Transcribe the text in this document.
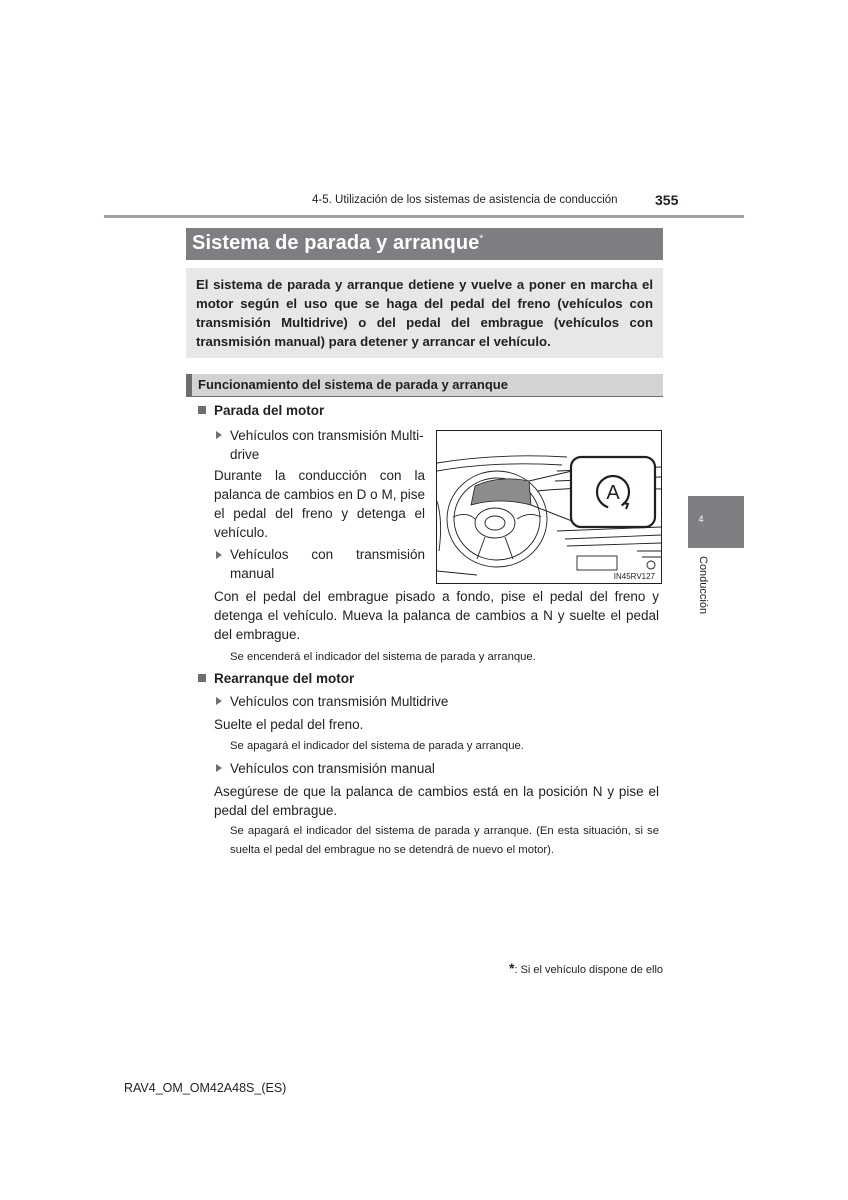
4-5. Utilización de los sistemas de asistencia de conducción	355
Sistema de parada y arranque*
El sistema de parada y arranque detiene y vuelve a poner en marcha el motor según el uso que se haga del pedal del freno (vehículos con transmisión Multidrive) o del pedal del embrague (vehículos con transmisión manual) para detener y arrancar el vehículo.
Funcionamiento del sistema de parada y arranque
Parada del motor
Vehículos con transmisión Multi-
drive
Durante la conducción con la palanca de cambios en D o M, pise el pedal del freno y detenga el vehículo.
Vehículos con transmisión
manual
Con el pedal del embrague pisado a fondo, pise el pedal del freno y detenga el vehículo. Mueva la palanca de cambios a N y suelte el pedal del embrague.
Se encenderá el indicador del sistema de parada y arranque.
Rearranque del motor
Vehículos con transmisión Multidrive
Suelte el pedal del freno.
Se apagará el indicador del sistema de parada y arranque.
Vehículos con transmisión manual
Asegúrese de que la palanca de cambios está en la posición N y pise el pedal del embrague.
Se apagará el indicador del sistema de parada y arranque. (En esta situación, si se suelta el pedal del embrague no se detendrá de nuevo el motor).
A
IN45RV127
4
Conducción
*: Si el vehículo dispone de ello
RAV4_OM_OM42A48S_(ES)
